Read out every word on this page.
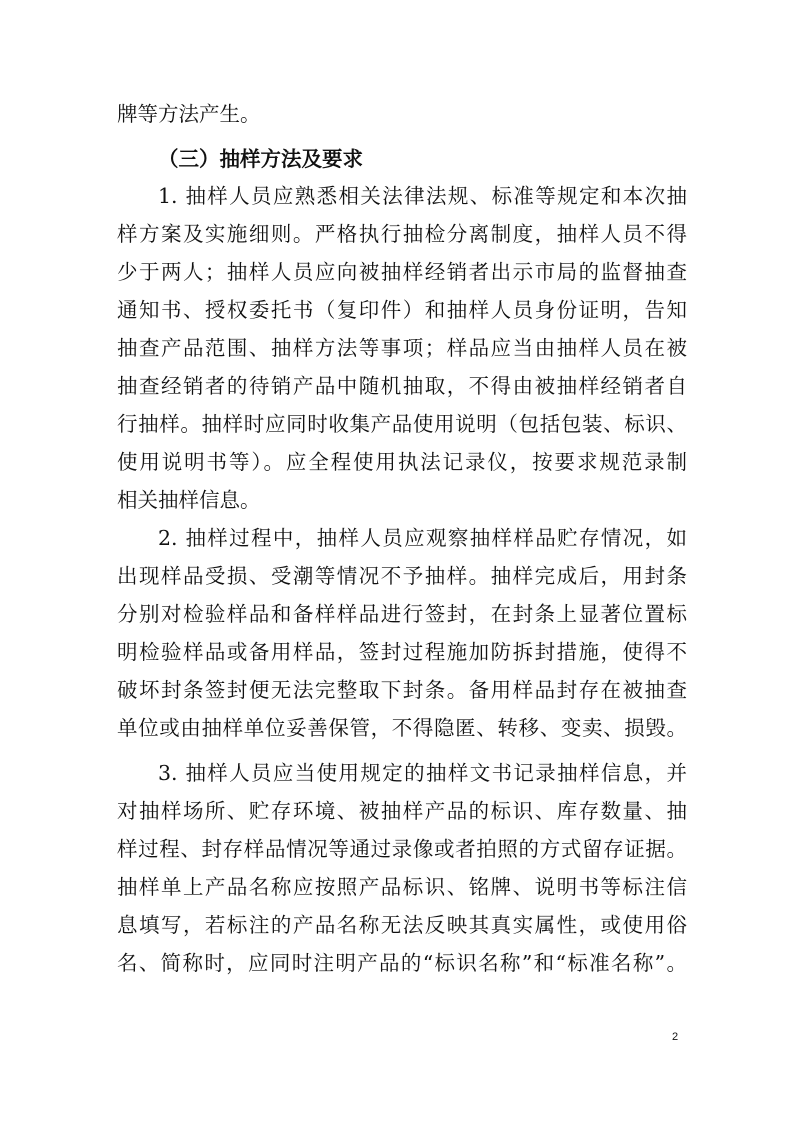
牌等方法产生。
（三）抽样方法及要求
1. 抽样人员应熟悉相关法律法规、标准等规定和本次抽
样方案及实施细则。严格执行抽检分离制度，抽样人员不得
少于两人；抽样人员应向被抽样经销者出示市局的监督抽查
通知书、授权委托书（复印件）和抽样人员身份证明，告知
抽查产品范围、抽样方法等事项；样品应当由抽样人员在被
抽查经销者的待销产品中随机抽取，不得由被抽样经销者自
行抽样。抽样时应同时收集产品使用说明（包括包装、标识、
使用说明书等）。应全程使用执法记录仪，按要求规范录制
相关抽样信息。
2. 抽样过程中，抽样人员应观察抽样样品贮存情况，如
出现样品受损、受潮等情况不予抽样。抽样完成后，用封条
分别对检验样品和备样样品进行签封，在封条上显著位置标
明检验样品或备用样品，签封过程施加防拆封措施，使得不
破坏封条签封便无法完整取下封条。备用样品封存在被抽查
单位或由抽样单位妥善保管，不得隐匿、转移、变卖、损毁。
3. 抽样人员应当使用规定的抽样文书记录抽样信息，并
对抽样场所、贮存环境、被抽样产品的标识、库存数量、抽
样过程、封存样品情况等通过录像或者拍照的方式留存证据。
抽样单上产品名称应按照产品标识、铭牌、说明书等标注信
息填写，若标注的产品名称无法反映其真实属性，或使用俗
名、简称时，应同时注明产品的“标识名称”和“标准名称”。
2
